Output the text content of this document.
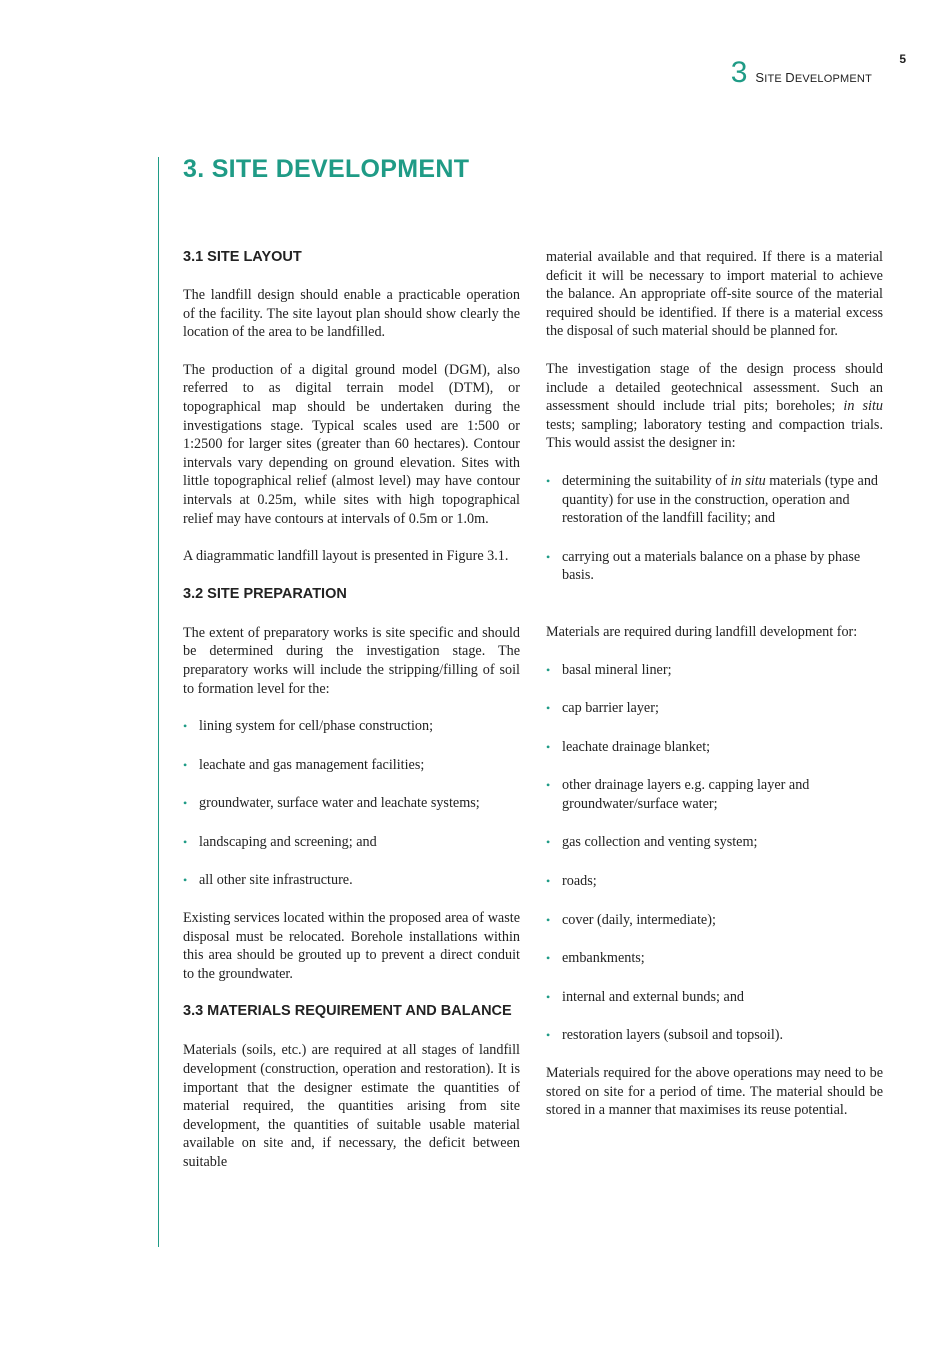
3 SITE DEVELOPMENT
5
3. SITE DEVELOPMENT
3.1 SITE LAYOUT

The landfill design should enable a practicable operation of the facility. The site layout plan should show clearly the location of the area to be landfilled.

The production of a digital ground model (DGM), also referred to as digital terrain model (DTM), or topographical map should be undertaken during the investigations stage. Typical scales used are 1:500 or 1:2500 for larger sites (greater than 60 hectares). Contour intervals vary depending on ground elevation. Sites with little topographical relief (almost level) may have contour intervals at 0.25m, while sites with high topographical relief may have contours at intervals of 0.5m or 1.0m.

A diagrammatic landfill layout is presented in Figure 3.1.

3.2 SITE PREPARATION

The extent of preparatory works is site specific and should be determined during the investigation stage. The preparatory works will include the stripping/filling of soil to formation level for the:

• lining system for cell/phase construction;
• leachate and gas management facilities;
• groundwater, surface water and leachate systems;
• landscaping and screening; and
• all other site infrastructure.

Existing services located within the proposed area of waste disposal must be relocated. Borehole installations within this area should be grouted up to prevent a direct conduit to the groundwater.

3.3 MATERIALS REQUIREMENT AND BALANCE

Materials (soils, etc.) are required at all stages of landfill development (construction, operation and restoration). It is important that the designer estimate the quantities of material required, the quantities arising from site development, the quantities of suitable usable material available on site and, if necessary, the deficit between suitable

material available and that required. If there is a material deficit it will be necessary to import material to achieve the balance. An appropriate off-site source of the material required should be identified. If there is a material excess the disposal of such material should be planned for.

The investigation stage of the design process should include a detailed geotechnical assessment. Such an assessment should include trial pits; boreholes; in situ tests; sampling; laboratory testing and compaction trials. This would assist the designer in:

• determining the suitability of in situ materials (type and quantity) for use in the construction, operation and restoration of the landfill facility; and
• carrying out a materials balance on a phase by phase basis.

Materials are required during landfill development for:

• basal mineral liner;
• cap barrier layer;
• leachate drainage blanket;
• other drainage layers e.g. capping layer and groundwater/surface water;
• gas collection and venting system;
• roads;
• cover (daily, intermediate);
• embankments;
• internal and external bunds; and
• restoration layers (subsoil and topsoil).

Materials required for the above operations may need to be stored on site for a period of time. The material should be stored in a manner that maximises its reuse potential.
